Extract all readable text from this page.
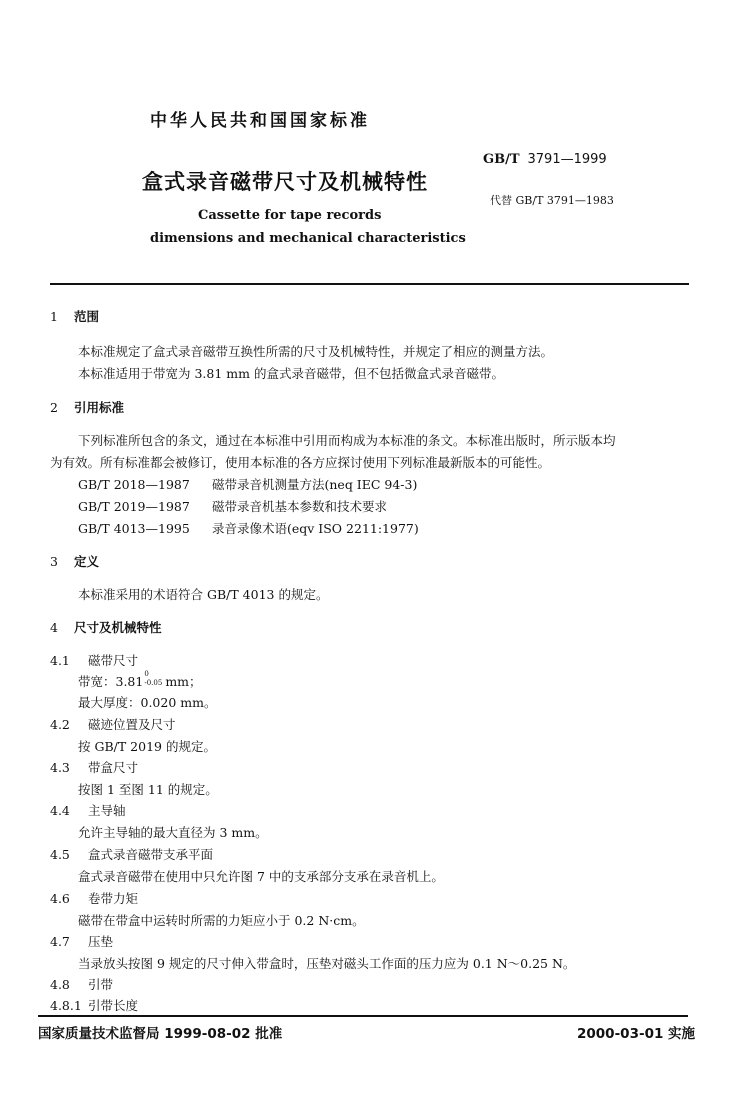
中华人民共和国国家标准
GB/T 3791—1999
盒式录音磁带尺寸及机械特性
代替 GB/T 3791—1983
Cassette for tape records
dimensions and mechanical characteristics
1 范围
本标准规定了盒式录音磁带互换性所需的尺寸及机械特性，并规定了相应的测量方法。
本标准适用于带宽为 3.81 mm 的盒式录音磁带，但不包括微盒式录音磁带。
2 引用标准
下列标准所包含的条文，通过在本标准中引用而构成为本标准的条文。本标准出版时，所示版本均
为有效。所有标准都会被修订，使用本标准的各方应探讨使用下列标准最新版本的可能性。
GB/T 2018—1987 磁带录音机测量方法(neq IEC 94-3)
GB/T 2019—1987 磁带录音机基本参数和技术要求
GB/T 4013—1995 录音录像术语(eqv ISO 2211:1977)
3 定义
本标准采用的术语符合 GB/T 4013 的规定。
4 尺寸及机械特性
4.1 磁带尺寸
带宽：3.81 0
-0.05 mm；
最大厚度：0.020 mm。
4.2 磁迹位置及尺寸
按 GB/T 2019 的规定。
4.3 带盒尺寸
按图 1 至图 11 的规定。
4.4 主导轴
允许主导轴的最大直径为 3 mm。
4.5 盒式录音磁带支承平面
盒式录音磁带在使用中只允许图 7 中的支承部分支承在录音机上。
4.6 卷带力矩
磁带在带盒中运转时所需的力矩应小于 0.2 N·cm。
4.7 压垫
当录放头按图 9 规定的尺寸伸入带盒时，压垫对磁头工作面的压力应为 0.1 N～0.25 N。
4.8 引带
4.8.1 引带长度
国家质量技术监督局 1999-08-02 批准	2000-03-01 实施
